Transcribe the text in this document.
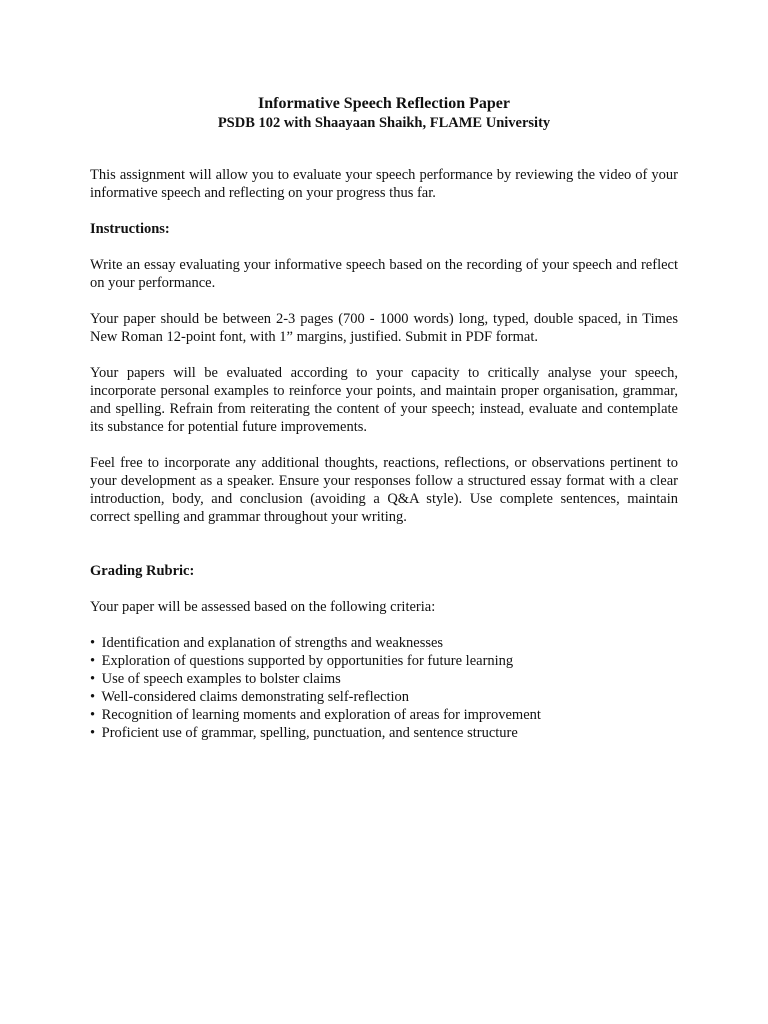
Informative Speech Reflection Paper

PSDB 102 with Shaayaan Shaikh, FLAME University

This assignment will allow you to evaluate your speech performance by reviewing the video of your informative speech and reflecting on your progress thus far.

Instructions:

Write an essay evaluating your informative speech based on the recording of your speech and reflect on your performance.

Your paper should be between 2-3 pages (700 - 1000 words) long, typed, double spaced, in Times New Roman 12-point font, with 1” margins, justified. Submit in PDF format.

Your papers will be evaluated according to your capacity to critically analyse your speech, incorporate personal examples to reinforce your points, and maintain proper organisation, grammar, and spelling. Refrain from reiterating the content of your speech; instead, evaluate and contemplate its substance for potential future improvements.

Feel free to incorporate any additional thoughts, reactions, reflections, or observations pertinent to your development as a speaker. Ensure your responses follow a structured essay format with a clear introduction, body, and conclusion (avoiding a Q&A style). Use complete sentences, maintain correct spelling and grammar throughout your writing.

Grading Rubric:

Your paper will be assessed based on the following criteria:

• Identification and explanation of strengths and weaknesses
• Exploration of questions supported by opportunities for future learning
• Use of speech examples to bolster claims
• Well-considered claims demonstrating self-reflection
• Recognition of learning moments and exploration of areas for improvement
• Proficient use of grammar, spelling, punctuation, and sentence structure
